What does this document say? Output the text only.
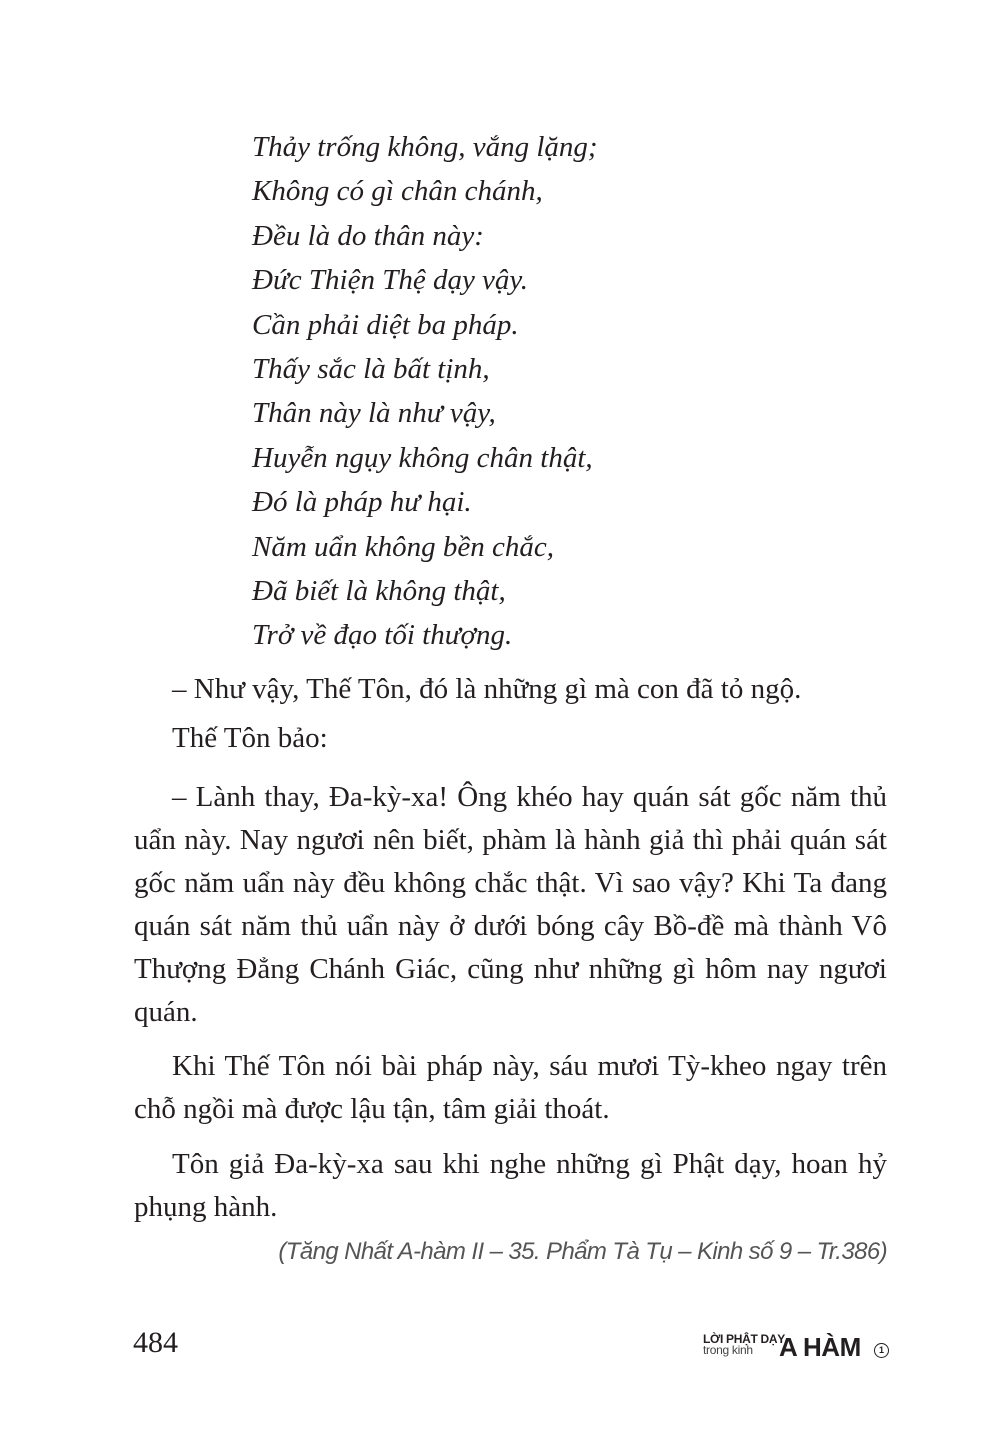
Thảy trống không, vắng lặng;
Không có gì chân chánh,
Đều là do thân này:
Đức Thiện Thệ dạy vậy.
Cần phải diệt ba pháp.
Thấy sắc là bất tịnh,
Thân này là như vậy,
Huyễn ngụy không chân thật,
Đó là pháp hư hại.
Năm uẩn không bền chắc,
Đã biết là không thật,
Trở về đạo tối thượng.

– Như vậy, Thế Tôn, đó là những gì mà con đã tỏ ngộ.

Thế Tôn bảo:

– Lành thay, Đa-kỳ-xa! Ông khéo hay quán sát gốc năm thủ uẩn này. Nay ngươi nên biết, phàm là hành giả thì phải quán sát gốc năm uẩn này đều không chắc thật. Vì sao vậy? Khi Ta đang quán sát năm thủ uẩn này ở dưới bóng cây Bồ-đề mà thành Vô Thượng Đẳng Chánh Giác, cũng như những gì hôm nay ngươi quán.

Khi Thế Tôn nói bài pháp này, sáu mươi Tỳ-kheo ngay trên chỗ ngồi mà được lậu tận, tâm giải thoát.

Tôn giả Đa-kỳ-xa sau khi nghe những gì Phật dạy, hoan hỷ phụng hành.

(Tăng Nhất A-hàm II – 35. Phẩm Tà Tụ – Kinh số 9 – Tr.386)
484	LỜI PHẬT DẠY
trong kinh A HÀM	1
